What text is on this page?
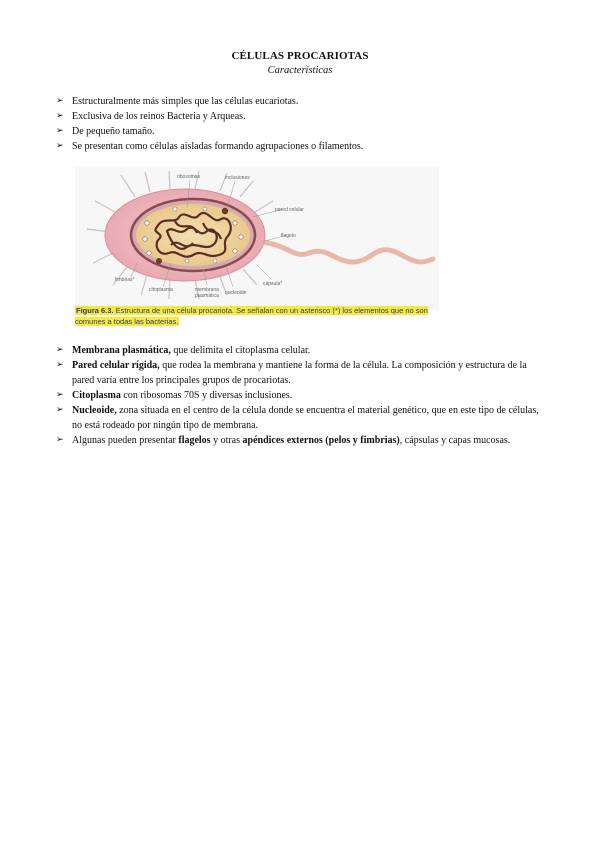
CÉLULAS PROCARIOTAS
Características
➢ Estructuralmente más simples que las células eucariotas.
➢ Exclusiva de los reinos Bacteria y Arqueas.
➢ De pequeño tamaño.
➢ Se presentan como células aisladas formando agrupaciones o filamentos.
ribosomas	inclusiones
pared celular
flagelo
fimbrias*
citoplasma	membrana
plasmática nucleoide
cápsula*
Figura 6.3. Estructura de una célula procariota. Se señalan con un asterisco (*) los elementos que no son comunes a todas las bacterias.
➢ Membrana plasmática, que delimita el citoplasma celular.
➢ Pared celular rígida, que rodea la membrana y mantiene la forma de la célula. La composición y estructura de la pared varía entre los principales grupos de procariotas.
➢ Citoplasma con ribosomas 70S y diversas inclusiones.
➢ Nucleoide, zona situada en el centro de la célula donde se encuentra el material genético, que en este tipo de células, no está rodeado por ningún tipo de membrana.
➢ Algunas pueden presentar flagelos y otras apéndices externos (pelos y fimbrias), cápsulas y capas mucosas.
